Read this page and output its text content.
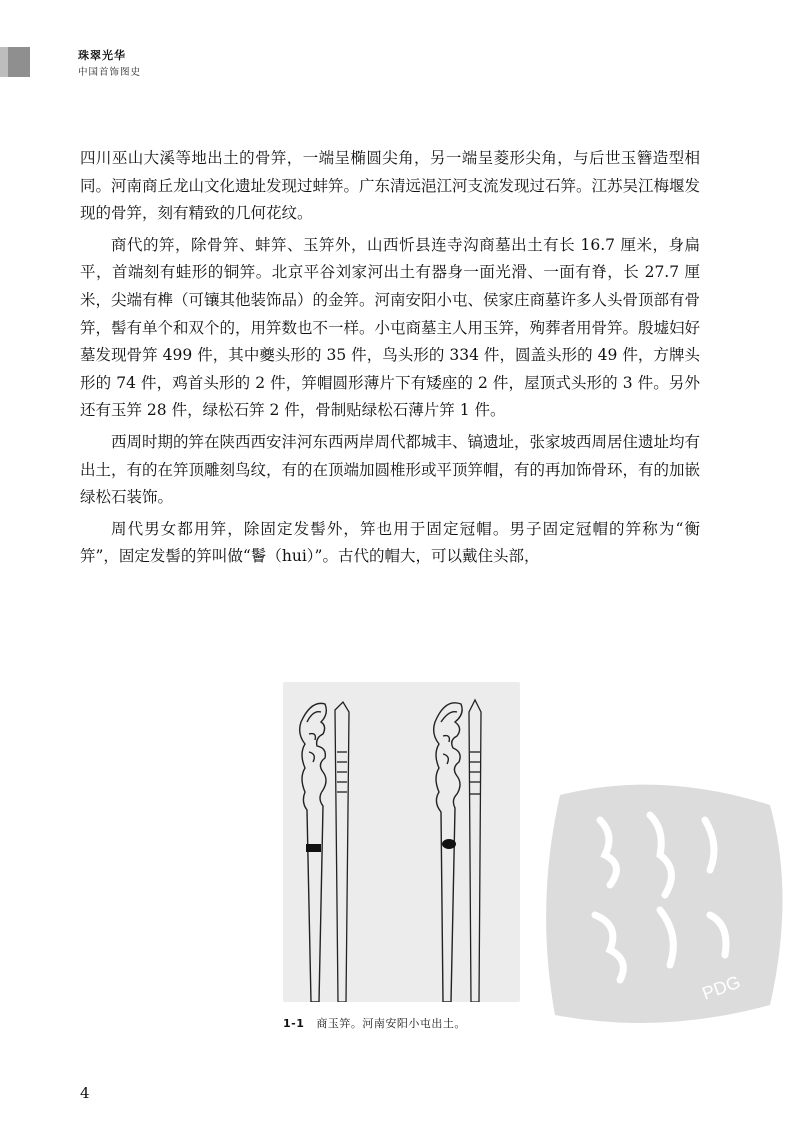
珠翠光华
中国首饰图史

四川巫山大溪等地出土的骨笄，一端呈椭圆尖角，另一端呈菱形尖角，与后世玉簪造型相同。河南商丘龙山文化遗址发现过蚌笄。广东清远浥江河支流发现过石笄。江苏吴江梅堰发现的骨笄，刻有精致的几何花纹。

商代的笄，除骨笄、蚌笄、玉笄外，山西忻县连寺沟商墓出土有长 16.7 厘米，身扁平，首端刻有蛙形的铜笄。北京平谷刘家河出土有器身一面光滑、一面有脊，长 27.7 厘米，尖端有榫（可镶其他装饰品）的金笄。河南安阳小屯、侯家庄商墓许多人头骨顶部有骨笄，髻有单个和双个的，用笄数也不一样。小屯商墓主人用玉笄，殉葬者用骨笄。殷墟妇好墓发现骨笄 499 件，其中夔头形的 35 件，鸟头形的 334 件，圆盖头形的 49 件，方牌头形的 74 件，鸡首头形的 2 件，笄帽圆形薄片下有矮座的 2 件，屋顶式头形的 3 件。另外还有玉笄 28 件，绿松石笄 2 件，骨制贴绿松石薄片笄 1 件。

西周时期的笄在陕西西安沣河东西两岸周代都城丰、镐遗址，张家坡西周居住遗址均有出土，有的在笄顶雕刻鸟纹，有的在顶端加圆椎形或平顶笄帽，有的再加饰骨环，有的加嵌绿松石装饰。

周代男女都用笄，除固定发髻外，笄也用于固定冠帽。男子固定冠帽的笄称为“衡笄”，固定发髻的笄叫做“鬠（hui）”。古代的帽大，可以戴住头部，

1-1 商玉笄。河南安阳小屯出土。
4
PDG
